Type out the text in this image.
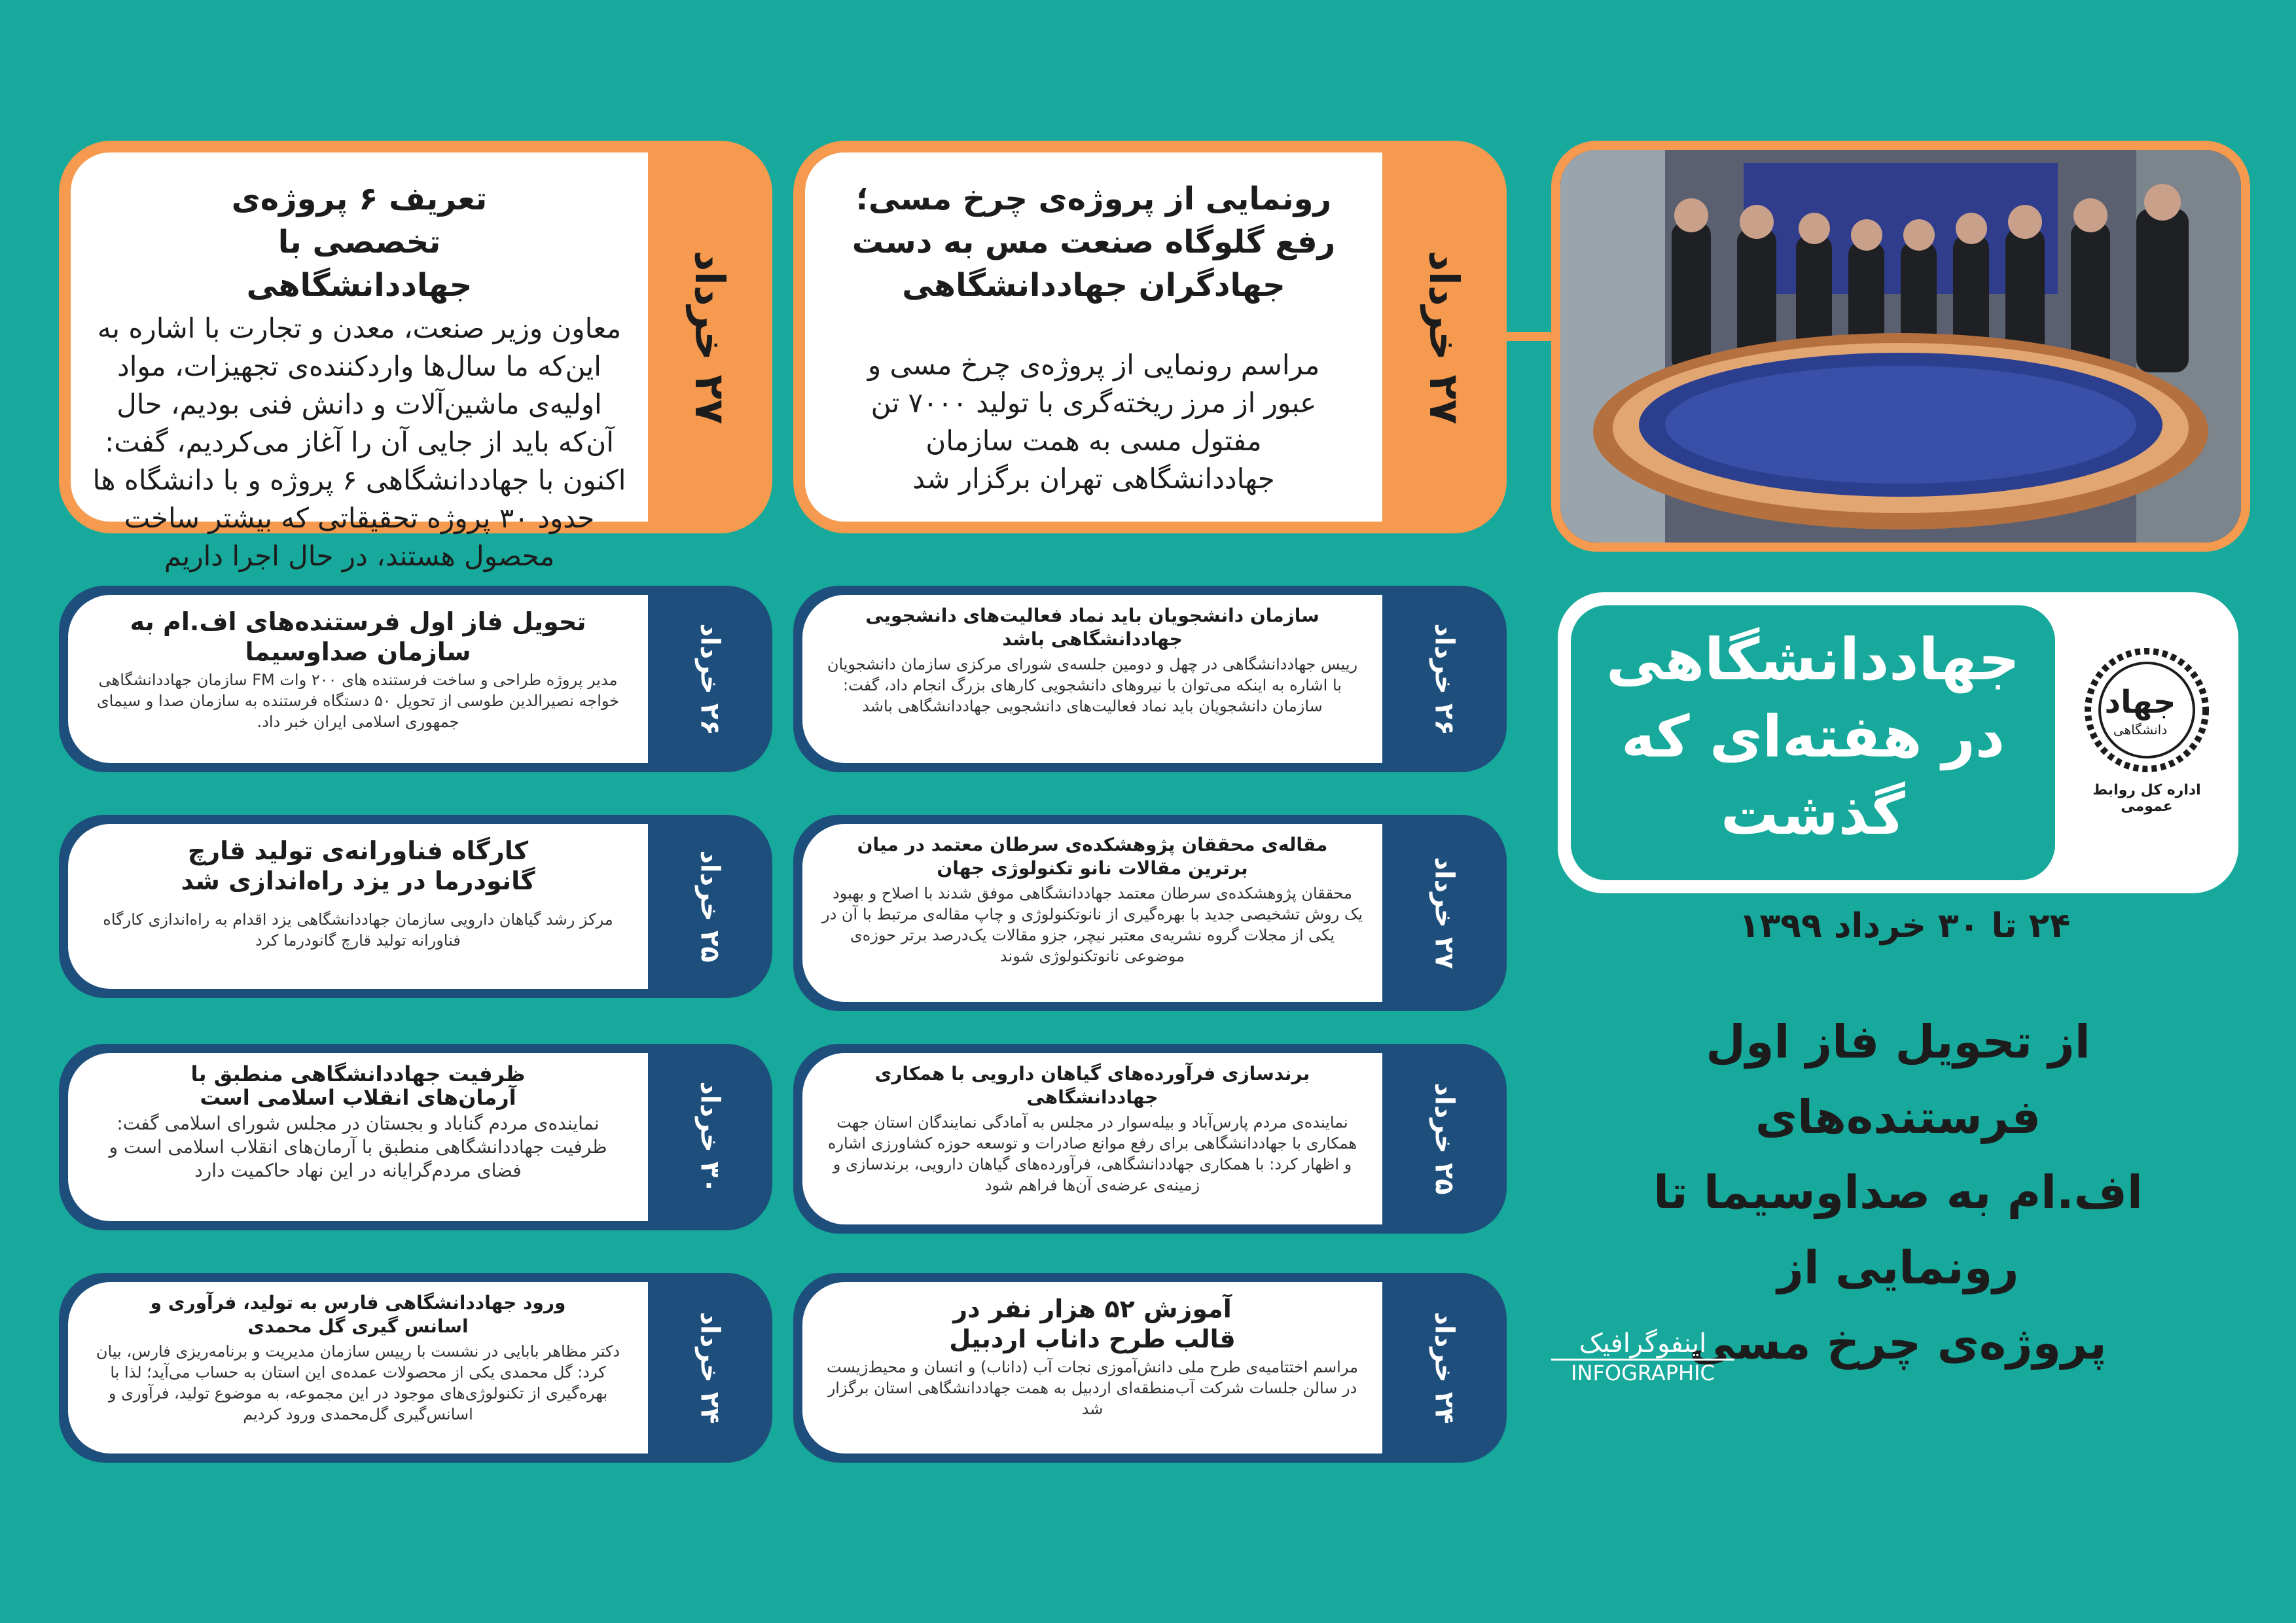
رونمایی از پروژه‌ی چرخ مسی؛ رفع گلوگاه صنعت مس به دست جهادگران جهاددانشگاهی
مراسم رونمایی از پروژه‌ی چرخ مسی و عبور از مرز ریخته‌گری با تولید ۷۰۰۰ تن مفتول مسی به همت سازمان جهاددانشگاهی تهران برگزار شد
۲۷ خرداد
تعریف ۶ پروژه‌ی تخصصی با جهاددانشگاهی
معاون وزیر صنعت، معدن و تجارت با اشاره به این‌که ما سال‌ها واردکننده‌ی تجهیزات، مواد اولیه‌ی ماشین‌آلات و دانش فنی بودیم، حال آن‌که باید از جایی آن را آغاز می‌کردیم، گفت: اکنون با جهاددانشگاهی ۶ پروژه و با دانشگاه ها حدود ۳۰ پروژه تحقیقاتی که بیشتر ساخت محصول هستند، در حال اجرا داریم
۲۷ خرداد
جهاددانشگاهی
در هفته‌ای که
گذشت
جهاد
دانشگاهی
اداره کل روابط عمومی
۲۴ تا ۳۰ خرداد ۱۳۹۹
از تحویل فاز اول فرستنده‌های
اف.ام به صداوسیما تا رونمایی از
پروژه‌ی چرخ مسی
اینفوگرافیک
INFOGRAPHIC
سازمان دانشجویان باید نماد فعالیت‌های دانشجویی جهاددانشگاهی باشد
رییس جهاددانشگاهی در چهل و دومین جلسه‌ی شورای مرکزی سازمان دانشجویان با اشاره به اینکه می‌توان با نیروهای دانشجویی کارهای بزرگ انجام داد، گفت: سازمان دانشجویان باید نماد فعالیت‌های دانشجویی جهاددانشگاهی باشد
۲۶ خرداد
مقاله‌ی محققان پژوهشکده‌ی سرطان معتمد در میان برترین مقالات نانو تکنولوژی جهان
محققان پژوهشکده‌ی سرطان معتمد جهاددانشگاهی موفق شدند با اصلاح و بهبود یک روش تشخیصی جدید با بهره‌گیری از نانوتکنولوژی و چاپ مقاله‌ی مرتبط با آن در یکی از مجلات گروه نشریه‌ی معتبر نیچر، جزو مقالات یک‌درصد برتر حوزه‌ی موضوعی نانوتکنولوژی شوند
۲۷ خرداد
برندسازی فرآورده‌های گیاهان دارویی با همکاری جهاددانشگاهی
نماینده‌ی مردم پارس‌آباد و بیله‌سوار در مجلس به آمادگی نمایندگان استان جهت همکاری با جهاددانشگاهی برای رفع موانع صادرات و توسعه حوزه کشاورزی اشاره و اظهار کرد: با همکاری جهاددانشگاهی، فرآورده‌های گیاهان دارویی، برندسازی و زمینه‌ی عرضه‌ی آن‌ها فراهم شود
۲۵ خرداد
آموزش ۵۲ هزار نفر در قالب طرح داناب اردبیل
مراسم اختتامیه‌ی طرح ملی دانش‌آموزی نجات آب (داناب) و انسان و محیط‌زیست در سالن جلسات شرکت آب‌منطقه‌ای اردبیل به همت جهاددانشگاهی استان برگزار شد
۲۴ خرداد
تحویل فاز اول فرستنده‌های اف.ام به سازمان صداوسیما
مدیر پروژه طراحی و ساخت فرستنده های ۲۰۰ وات FM سازمان جهاددانشگاهی خواجه نصیرالدین طوسی از تحویل ۵۰ دستگاه فرستنده به سازمان صدا و سیمای جمهوری اسلامی ایران خبر داد.
۲۶ خرداد
کارگاه فناورانه‌ی تولید قارچ گانودرما در یزد راه‌اندازی شد
مرکز رشد گیاهان دارویی سازمان جهاددانشگاهی یزد اقدام به راه‌اندازی کارگاه فناورانه تولید قارچ گانودرما کرد
۲۵ خرداد
ظرفیت جهاددانشگاهی منطبق با آرمان‌های انقلاب اسلامی است
نماینده‌ی مردم گناباد و بجستان در مجلس شورای اسلامی گفت: ظرفیت جهاددانشگاهی منطبق با آرمان‌های انقلاب اسلامی است و فضای مردم‌گرایانه در این نهاد حاکمیت دارد
۳۰ خرداد
ورود جهاددانشگاهی فارس به تولید، فرآوری و اسانس گیری گل محمدی
دکتر مظاهر بابایی در نشست با رییس سازمان مدیریت و برنامه‌ریزی فارس، بیان کرد: گل محمدی یکی از محصولات عمده‌ی این استان به حساب می‌آید؛ لذا با بهره‌گیری از تکنولوژی‌های موجود در این مجموعه، به موضوع تولید، فرآوری و اسانس‌گیری گل‌محمدی ورود کردیم
۲۴ خرداد
